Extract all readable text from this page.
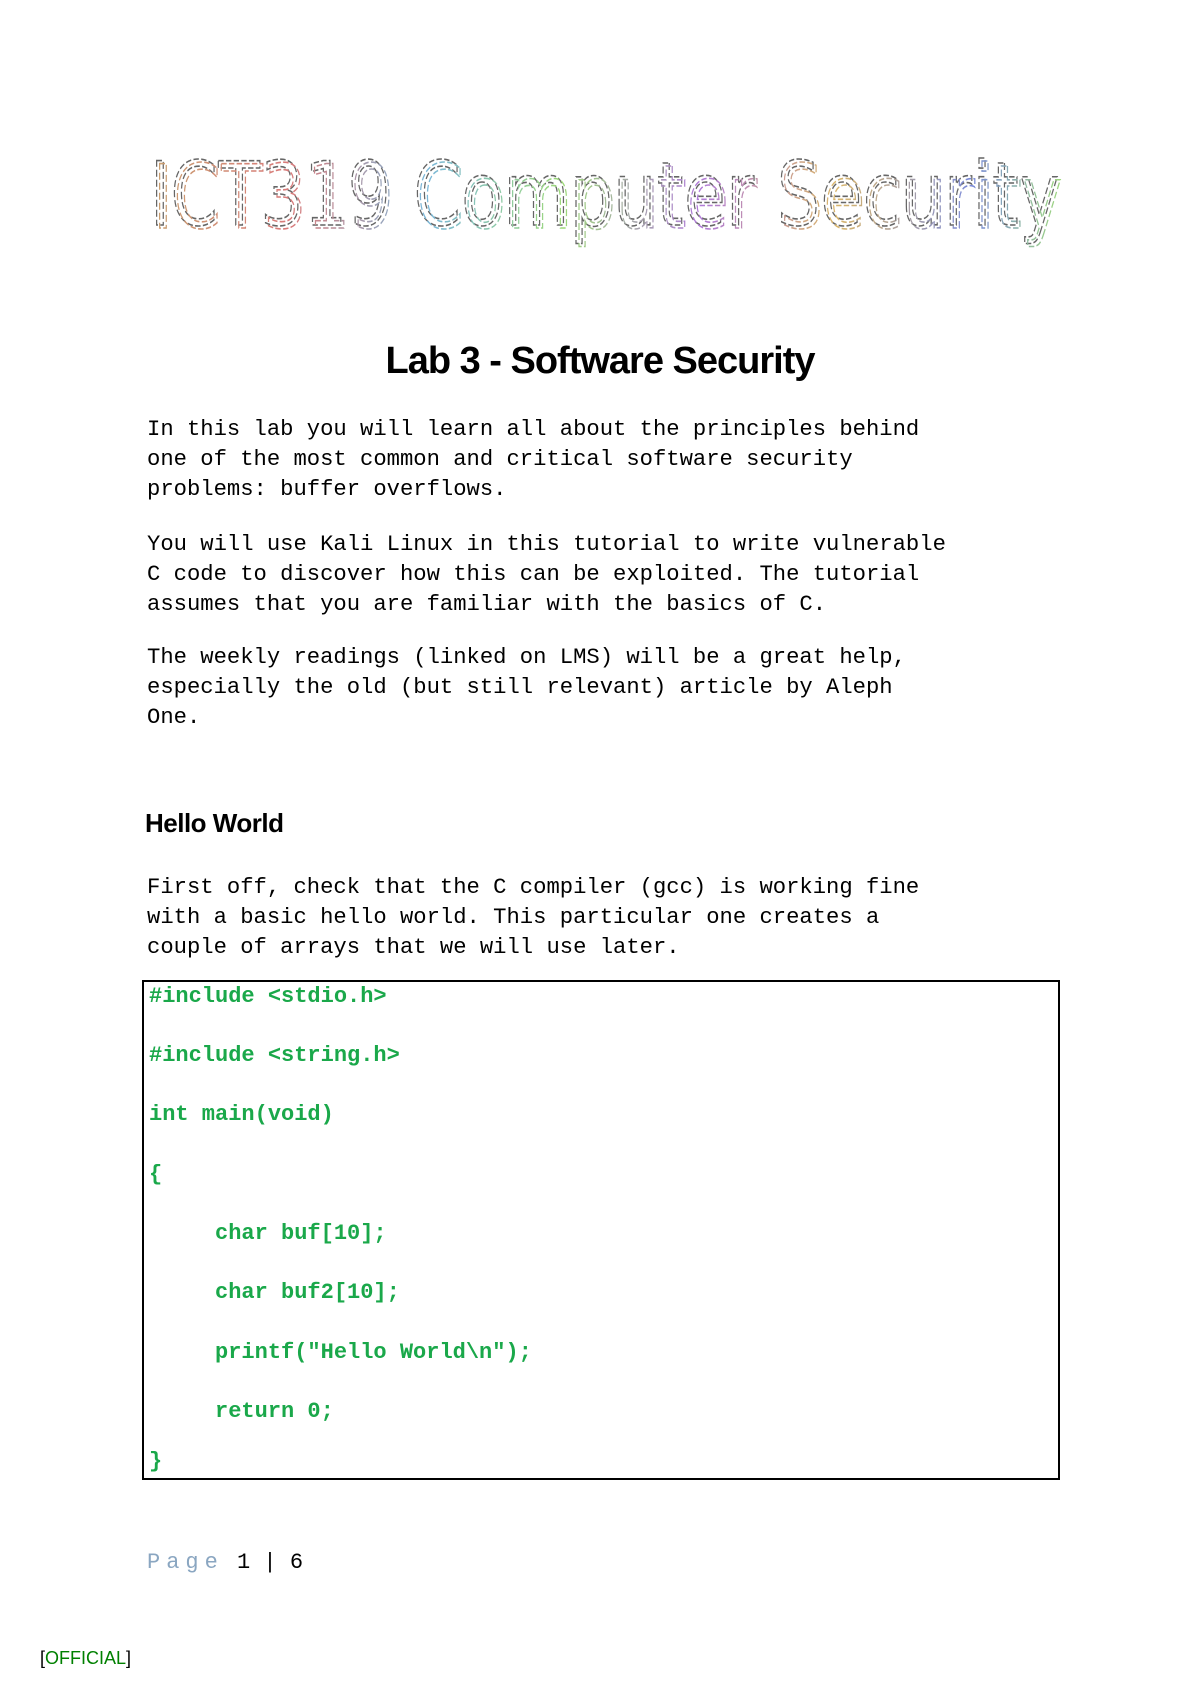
ICT319 Computer Security
ICT319 Computer Security
Lab 3 - Software Security

In this lab you will learn all about the principles behind
one of the most common and critical software security
problems: buffer overflows.

You will use Kali Linux in this tutorial to write vulnerable
C code to discover how this can be exploited. The tutorial
assumes that you are familiar with the basics of C.

The weekly readings (linked on LMS) will be a great help,
especially the old (but still relevant) article by Aleph
One.

Hello World

First off, check that the C compiler (gcc) is working fine
with a basic hello world. This particular one creates a
couple of arrays that we will use later.

#include <stdio.h>
#include <string.h>
int main(void)
{
char buf[10];
char buf2[10];
printf("Hello World\n");
return 0;
}

Page 1 | 6

[OFFICIAL]
